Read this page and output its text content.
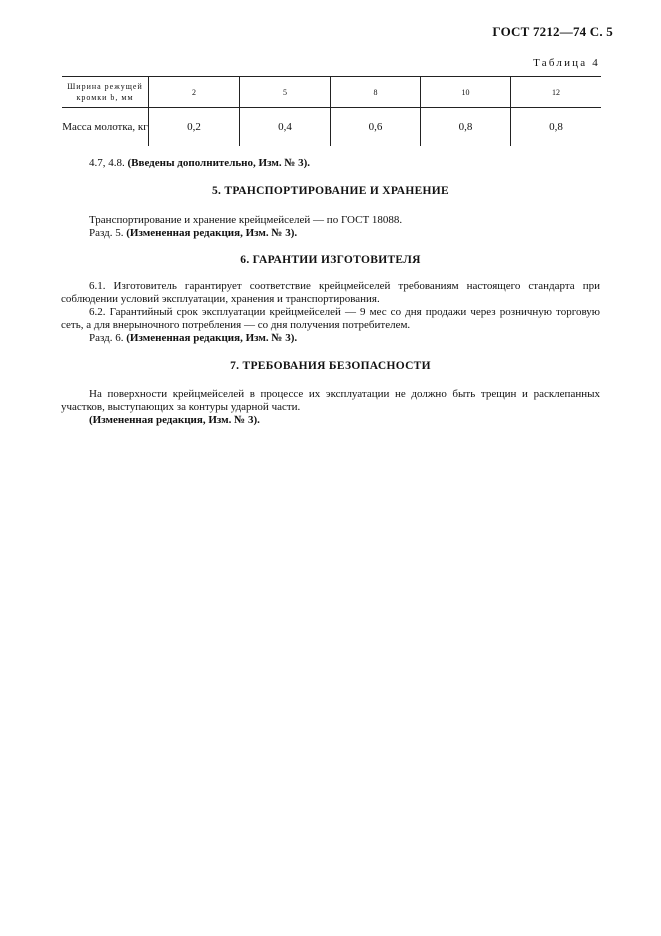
ГОСТ 7212—74 С. 5
Таблица 4
Ширина режущей кромки b, мм	2	5	8	10	12
Масса молотка, кг	0,2	0,4	0,6	0,8	0,8
4.7, 4.8. (Введены дополнительно, Изм. № 3).
5. ТРАНСПОРТИРОВАНИЕ И ХРАНЕНИЕ
Транспортирование и хранение крейцмейселей — по ГОСТ 18088.
Разд. 5. (Измененная редакция, Изм. № 3).
6. ГАРАНТИИ ИЗГОТОВИТЕЛЯ
6.1. Изготовитель гарантирует соответствие крейцмейселей требованиям настоящего стандарта при соблюдении условий эксплуатации, хранения и транспортирования.
6.2. Гарантийный срок эксплуатации крейцмейселей — 9 мес со дня продажи через розничную торговую сеть, а для внерыночного потребления — со дня получения потребителем.
Разд. 6. (Измененная редакция, Изм. № 3).
7. ТРЕБОВАНИЯ БЕЗОПАСНОСТИ
На поверхности крейцмейселей в процессе их эксплуатации не должно быть трещин и расклепанных участков, выступающих за контуры ударной части.
(Измененная редакция, Изм. № 3).
